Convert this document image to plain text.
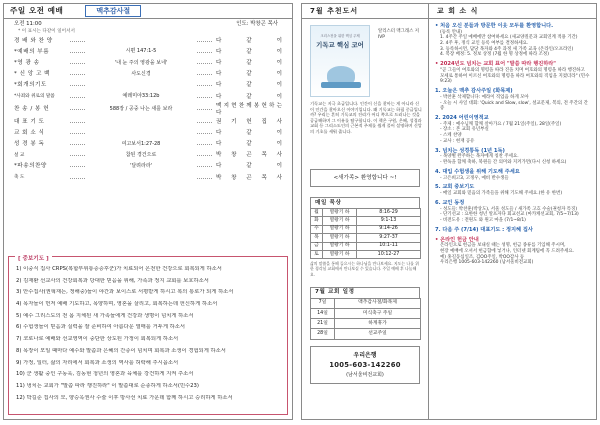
주일 오전 예배	맥추감사절
오전 11:00	인도: 박창곤 목사
* 이 표시는 다같이 일어서서
경 배 와 찬 양	다 같 이
*예배의 부름	시편 147:1-5	다 같 이
*영 광 송	'내 눈 주의 영광을 보네'	다 같 이
* 신 앙 고 백	사도신경	다 같 이
*회개의기도	다 같 이
*사죄와 위로의 말씀	예레미야33:12b	다 같 이
찬 송 / 봉 헌	588장 / 공중 나는 새를 보라
맥 지 현 찬 께 봉 헌 하 는 다
대 표 기 도	권 기 헌 집 사
교 회 소 식	다 같 이
성 경 봉 독	여고보서1:27-28	다 같 이
설 교	참된 경건으로	박 창 곤 목 사
*파송의찬양	'달려라라'	다 같 이
축 도	박 창 곤 목 사
[ 중보기도 ]
1) 이중식 집사 CRPS(복합부위통증증후군)가 치료되어 온전한 건강으로 회복되게 하소서
2) 김재환 선교사의 건강회복과 당대한 믿음을 위해, 가족과 정지 교회를 보호하소서
3) 안수집사(권혁재는, 정해중)들이 야간과 보이스로 서평받게 하시고 복의 통로가 되게 하소서
4) 목자들이 먼저 예배 기도하고, 목양하며, 영혼을 살리고, 회복하는데 헌신하게 하소서
5) 예수 그리스도의 전 몸 지체된 새 가족들에게 건강과 생명이 넘치게 하소서
6) 수험생들이 믿음과 실력을 잘 준비하여 아름다운 열매를 거두게 하소서
7) 코로나로 예배와 선교영역이 중단한 상도된 가정이 회복되게 하소서
8) 목장이 모일 때마다 예수와 말씀과 은혜의 간증이 넘치며 회복과 소생이 경험되게 하소서
9) 가정, 일터, 삶의 자리에서 회복과 소생의 역사를 허락해 주시옵소서
10) 군 생활 중인 구동욱, 김동현 청년의 영혼과 육체를 강건하게 지켜 주소서
11) 냉치는 교회가 "말씀 따라 행진하라" 이 말씀대로 순종하게 하소서(민수23)
12) 박길준 집사의 모, 양승옥권사 수술 이후 방사선 치료 가운데 함께 하시고 승리하게 하소서
7월 추천도서
크리스천을 위한 핵심 주제
기독교 핵심 코어
알리스터 맥그래스 저
IVP
기독교는 지극 초급입니다. 인간이 신을 찾아는 게 아니라 신이 인간을 찾아오신 이야기입니다. 왜 기독교는 하필 중급입니까? 우리는 흔히 기독교의 진리가 어디 쪽으로 드러나는 것을 공급해하며 그 이유를 탐구합니다. 이 책은 구원, 은혜, 성경과 교회 등 그리스도인의 근본적 주제를 쉽게 풀어 설명하며 신앙의 기초를 세워 줍니다.
<새가족> 환영합니다 ~!
매일 묵상
월	열왕기 하	8:16-29
화	열왕기 하	9:1-13
수	열왕기 하	9:14-26
목	열왕기 하	9:27-37
금	열왕기 하	10:1-11
토	열왕기 하	10:12-27
삶의 말씀을 통해 들으시는 하나님을 만나보세요. 지도는 나를 위한 경각심 교회에서 만나보실 수 있습니다. 주일 예배 후 나눔해요.
7월 교회 일정
7일	맥추감사절/화목제
14일	미식축구 주일
21일	하계휴가
28일	선교주일
우리은행
1005-603-142260
(남서울비전교회)
교 회 소 식
• 처음 오신 분들과 방문한 이웃 모두를 환영합니다.
(등록 안내)
1. 4주간 주일 예배에만 참여하세요 (새교양질문과 교회연계 적용 기간)
2. 4주 후, 정식 교인 등록 여부를 결정하세요.
3. 등록하시면, 담당 목자와 4주 과정 새 가족 교육 (온라인/오프라인)
4. 복장 배정: 5. 정보 상정 (7월 한 명 상정에 따라 조정)
• 2024년도 넘치는 교회 표어 "말씀 따라 행진하라"
"곧 그들이 여호와의 명령을 따라 진을 치며 여호와의 명령을 따라 행진하고
모세로 통하여 이르신 여호와의 명령을 따라 여호와의 직임을 지켰더라" (민수9:23)
1. 오늘은 맥추 감사주일 (화목제)
- 박찬훈 삭제합니다: 예라이 직업음 하게 모아
- 오늘 시 사일 대회: 'Quick and Slow, slow', 설교문제, 복의, 전 주간의 간증
2. 2024 어린이영적교
- 주제 : 예수님께 함께 살아가요 / 7월 21일(주일), 28일(주일)
- 장소 : 본 교회 유년부실
- 스케 찬양
- 교사 : 현재 공유
3. 넘치는 성경통독 (1년 1독)
- 목양별 완주하는 목자에게 칭찬 주세요.
- 완독을 함께 축하, 북원들 간 의미와 지켜가면(다시 신청 하세요)
4. 대입 수험생을 위해 기도해 주세요
- 고은희고3, 고정우, 예비 반수생들
5. 교회 중보기도
- 매일 교회와 믿음의 가족들을 위해 기도해 주세요.(한 유 한번)
6. 교인 동정
- 성도들: 박찬훈(박상도), 서울 성도들 / 새가족 고흐 수술(권청자 특징)
- 단기선교 : 요한한 청년 알프자다 회교선교 (마카케선교회, 7/5~7/13)
- 비전도유 : 전원도 와 원고 마을 (7/1~8/1)
7. 다음 주 (7/14) 대표기도 : 정지혜 집사
• 온라인 헌금 안내
온라인으로 헌금을 보내실 때는 성명, 헌금 종류를 기입해 주시며,
현장 예배에 오셔서 헌금함에 넣거나, 인터넷 회계팀에 꼭 드려주세요.
예) 홍길동십일조, 김OO주일, 박OO감사 등
우리은행 1005-603-142260 (남서울비전교회)
